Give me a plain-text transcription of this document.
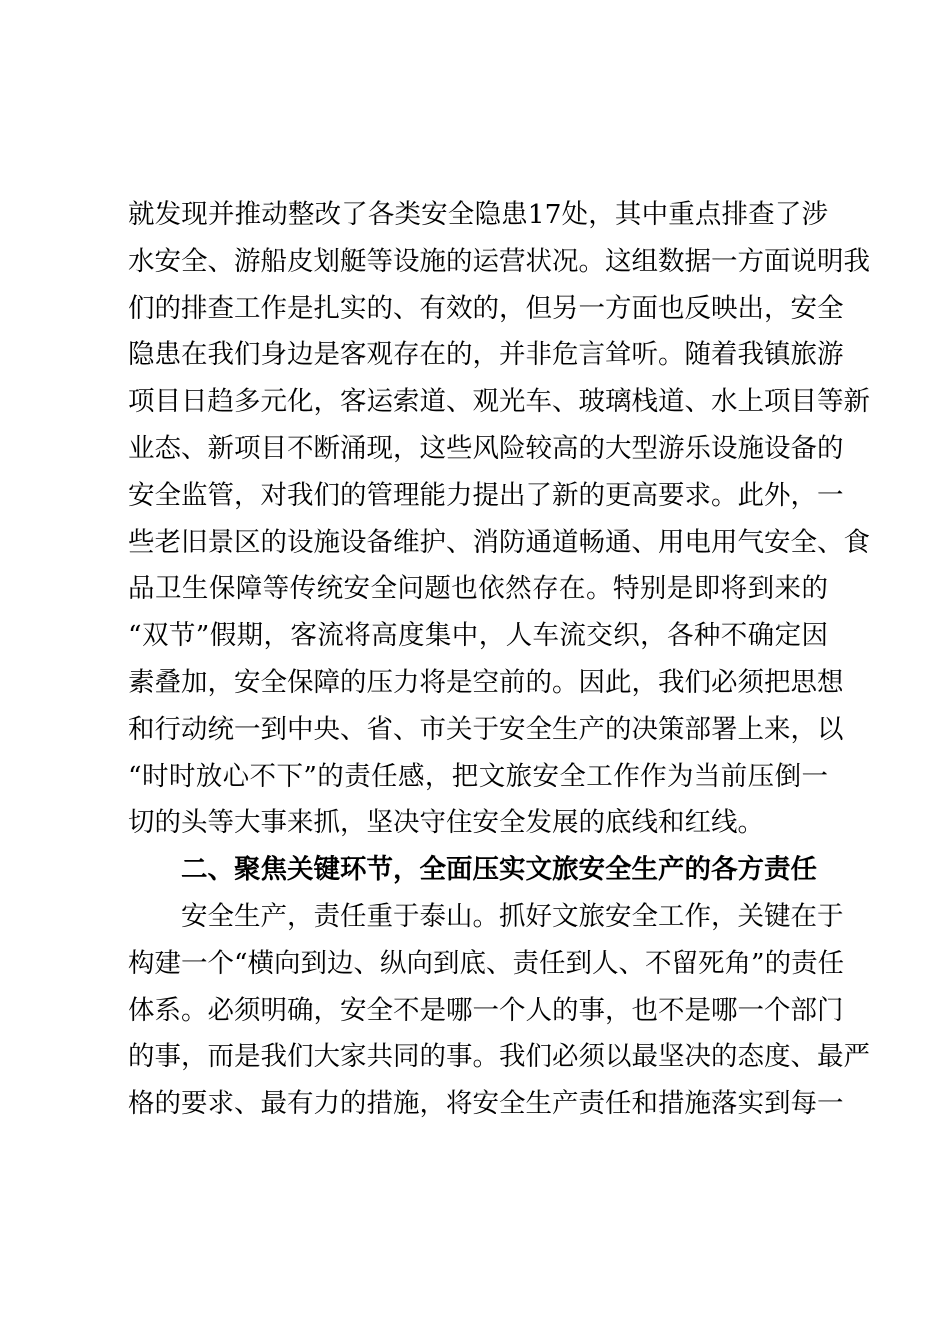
就发现并推动整改了各类安全隐患17处，其中重点排查了涉
水安全、游船皮划艇等设施的运营状况。这组数据一方面说明我
们的排查工作是扎实的、有效的，但另一方面也反映出，安全
隐患在我们身边是客观存在的，并非危言耸听。随着我镇旅游
项目日趋多元化，客运索道、观光车、玻璃栈道、水上项目等新
业态、新项目不断涌现，这些风险较高的大型游乐设施设备的
安全监管，对我们的管理能力提出了新的更高要求。此外，一
些老旧景区的设施设备维护、消防通道畅通、用电用气安全、食
品卫生保障等传统安全问题也依然存在。特别是即将到来的
“双节”假期，客流将高度集中，人车流交织，各种不确定因
素叠加，安全保障的压力将是空前的。因此，我们必须把思想
和行动统一到中央、省、市关于安全生产的决策部署上来，以
“时时放心不下”的责任感，把文旅安全工作作为当前压倒一
切的头等大事来抓，坚决守住安全发展的底线和红线。
二、聚焦关键环节，全面压实文旅安全生产的各方责任
安全生产，责任重于泰山。抓好文旅安全工作，关键在于
构建一个“横向到边、纵向到底、责任到人、不留死角”的责任
体系。必须明确，安全不是哪一个人的事，也不是哪一个部门
的事，而是我们大家共同的事。我们必须以最坚决的态度、最严
格的要求、最有力的措施，将安全生产责任和措施落实到每一
